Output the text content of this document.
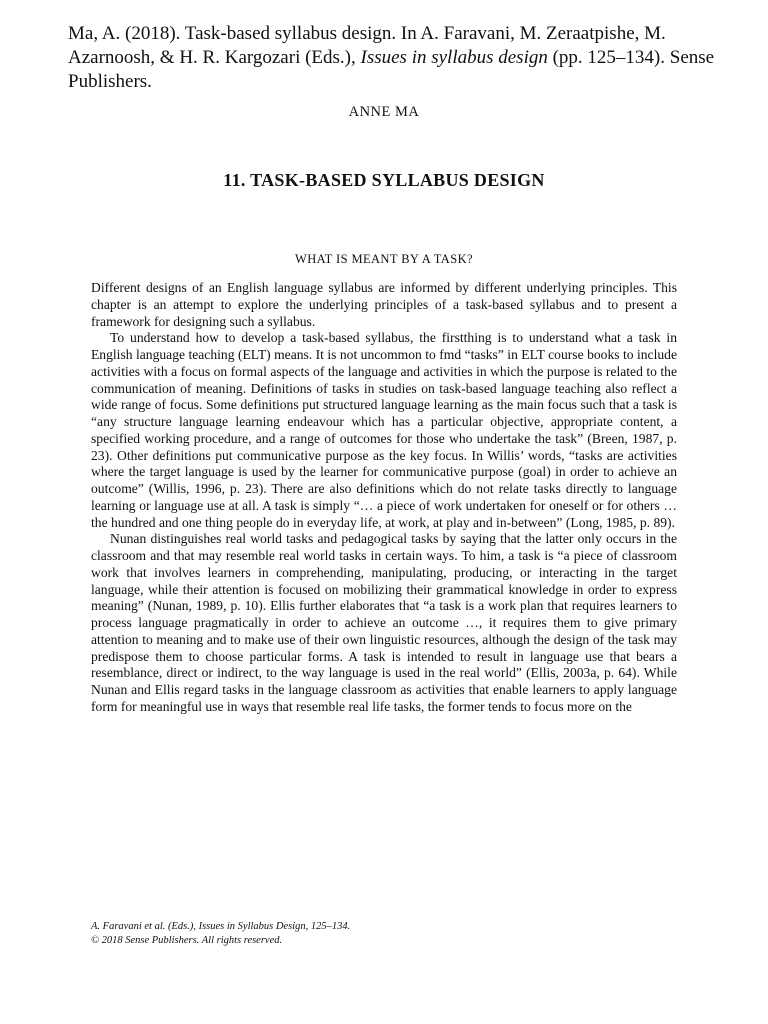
Ma, A. (2018). Task-based syllabus design. In A. Faravani, M. Zeraatpishe, M. Azarnoosh, & H. R. Kargozari (Eds.), Issues in syllabus design (pp. 125–134). Sense Publishers.
ANNE MA
11. TASK-BASED SYLLABUS DESIGN
WHAT IS MEANT BY A TASK?

Different designs of an English language syllabus are informed by different underlying principles. This chapter is an attempt to explore the underlying principles of a task-based syllabus and to present a framework for designing such a syllabus.

To understand how to develop a task-based syllabus, the firstthing is to understand what a task in English language teaching (ELT) means. It is not uncommon to fmd “tasks” in ELT course books to include activities with a focus on formal aspects of the language and activities in which the purpose is related to the communication of meaning. Definitions of tasks in studies on task-based language teaching also reflect a wide range of focus. Some definitions put structured language learning as the main focus such that a task is “any structure language learning endeavour which has a particular objective, appropriate content, a specified working procedure, and a range of outcomes for those who undertake the task” (Breen, 1987, p. 23). Other definitions put communicative purpose as the key focus. In Willis’ words, “tasks are activities where the target language is used by the learner for communicative purpose (goal) in order to achieve an outcome” (Willis, 1996, p. 23). There are also definitions which do not relate tasks directly to language learning or language use at all. A task is simply “… a piece of work undertaken for oneself or for others … the hundred and one thing people do in everyday life, at work, at play and in-between” (Long, 1985, p. 89).

Nunan distinguishes real world tasks and pedagogical tasks by saying that the latter only occurs in the classroom and that may resemble real world tasks in certain ways. To him, a task is “a piece of classroom work that involves learners in comprehending, manipulating, producing, or interacting in the target language, while their attention is focused on mobilizing their grammatical knowledge in order to express meaning” (Nunan, 1989, p. 10). Ellis further elaborates that “a task is a work plan that requires learners to process language pragmatically in order to achieve an outcome …, it requires them to give primary attention to meaning and to make use of their own linguistic resources, although the design of the task may predispose them to choose particular forms. A task is intended to result in language use that bears a resemblance, direct or indirect, to the way language is used in the real world” (Ellis, 2003a, p. 64). While Nunan and Ellis regard tasks in the language classroom as activities that enable learners to apply language form for meaningful use in ways that resemble real life tasks, the former tends to focus more on the

A. Faravani et al. (Eds.), Issues in Syllabus Design, 125–134.
© 2018 Sense Publishers. All rights reserved.
